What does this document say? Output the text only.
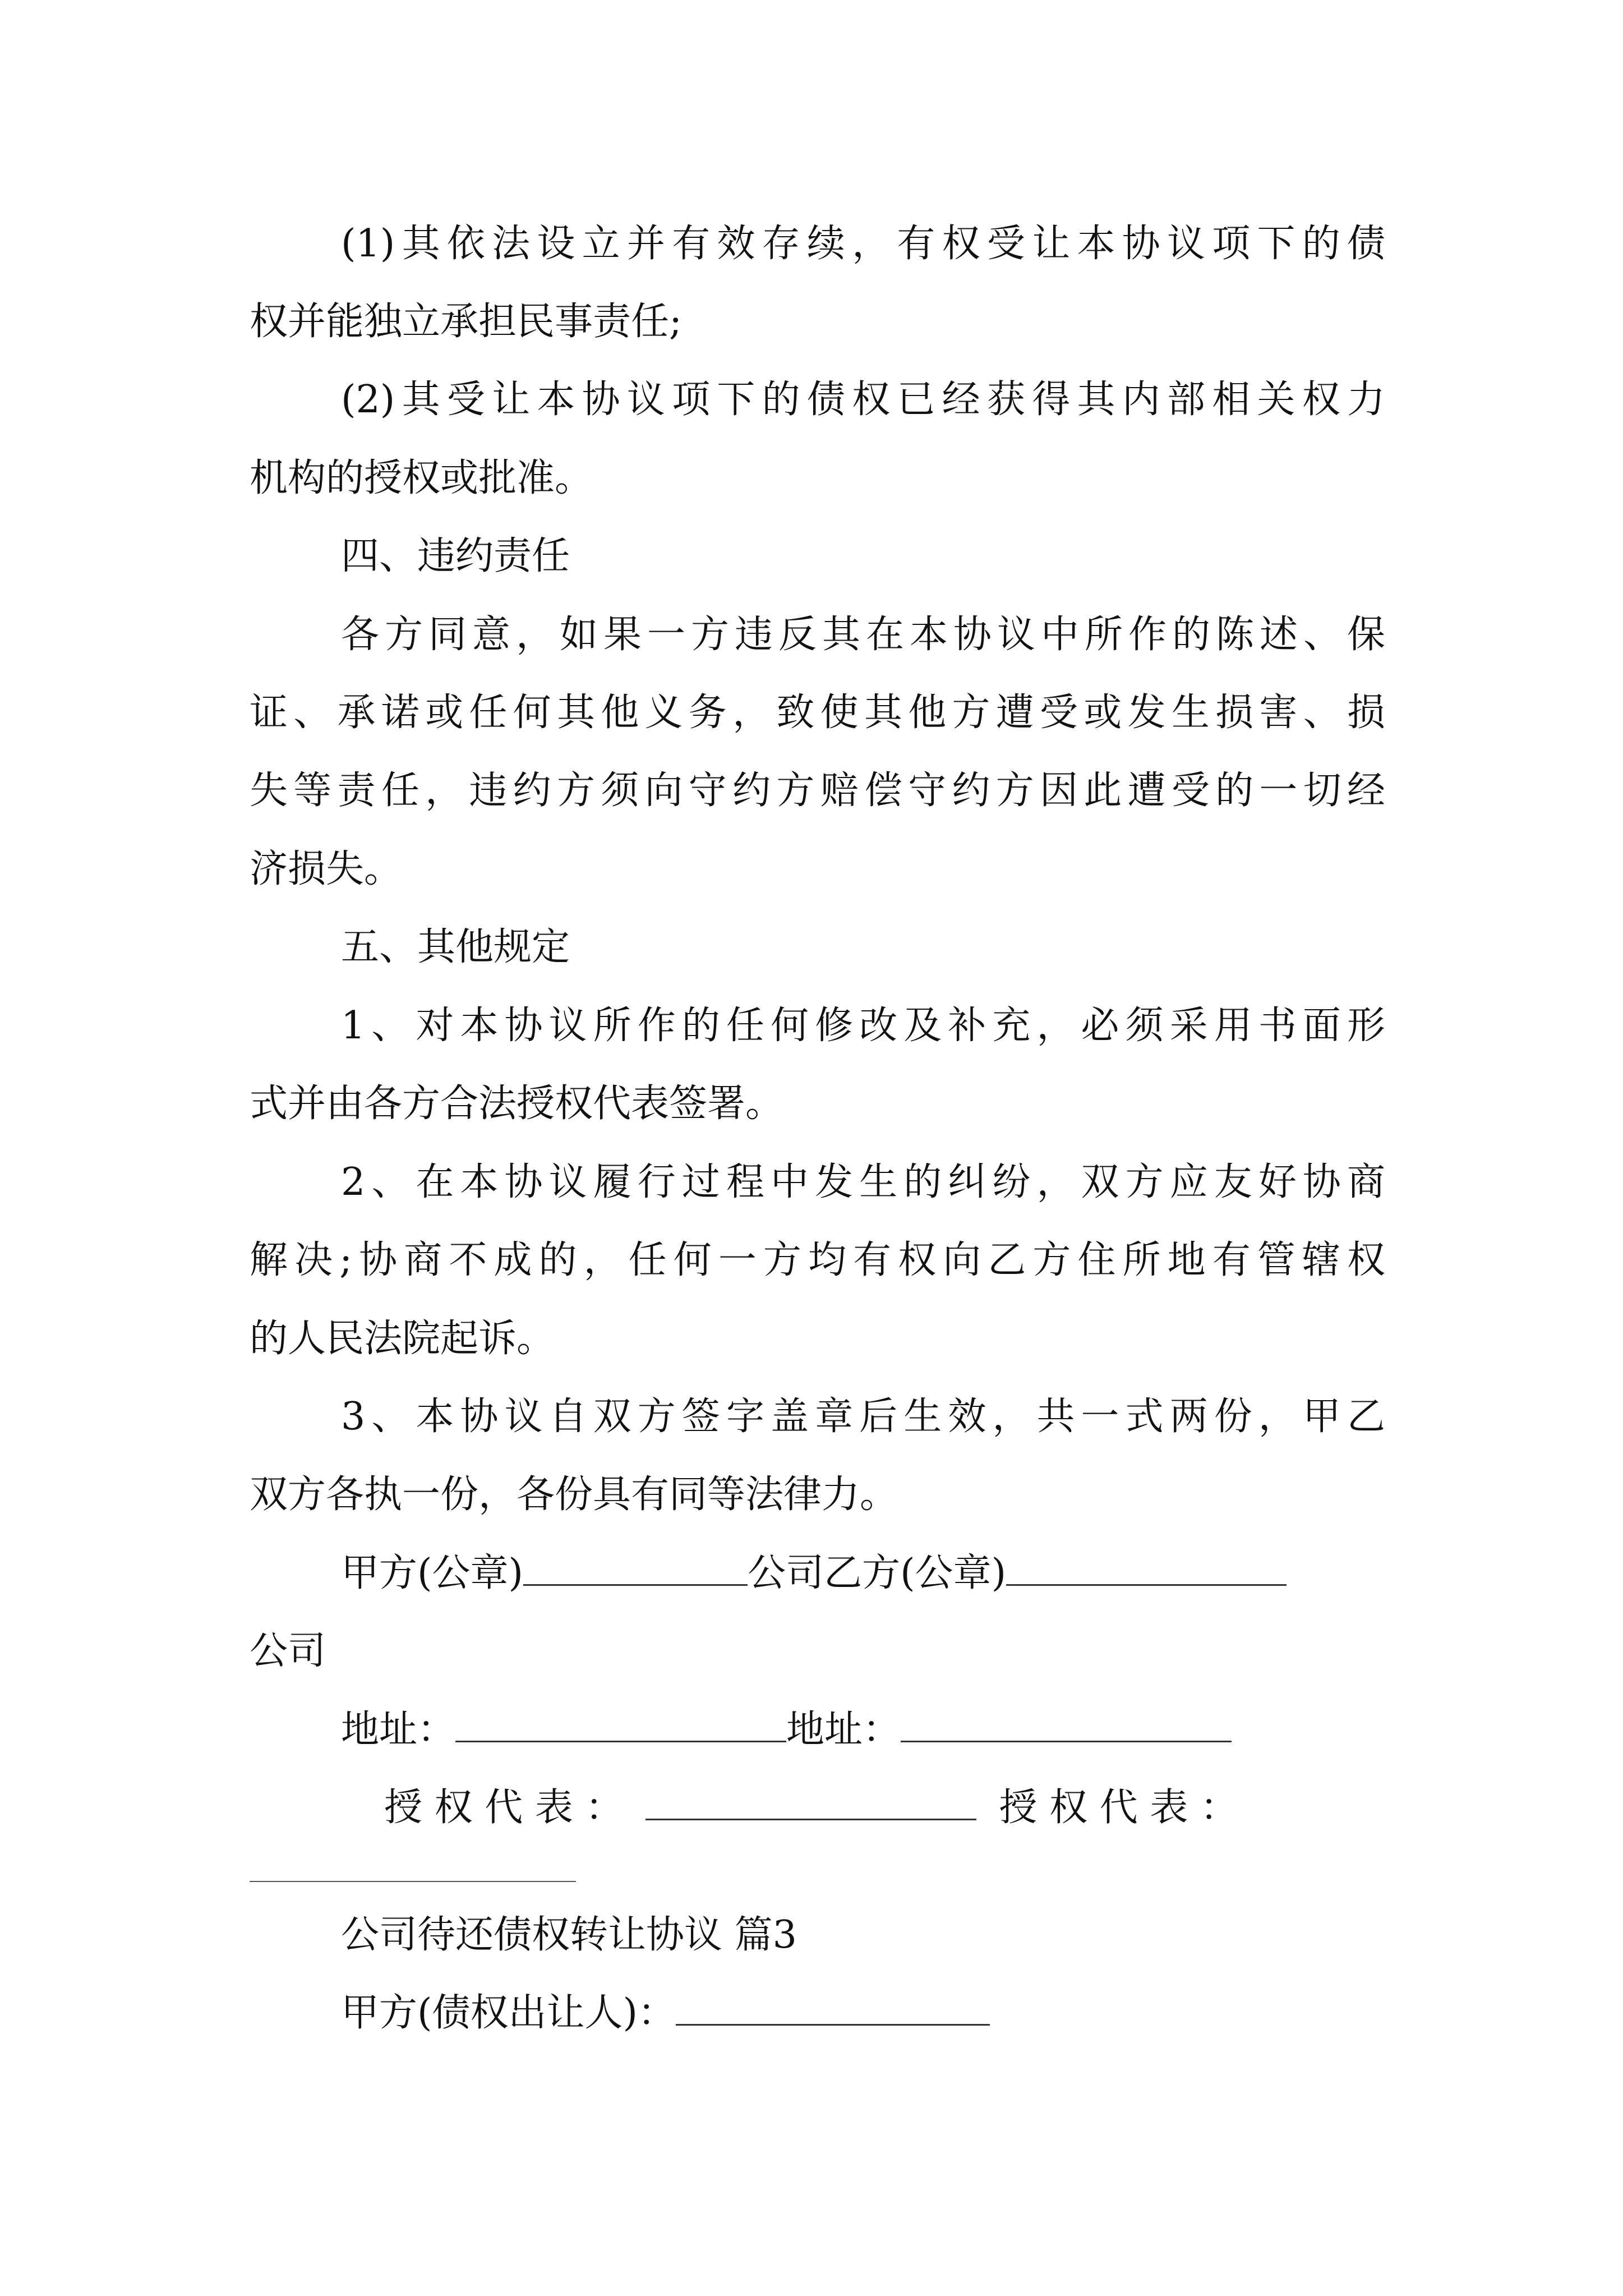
(1)其依法设立并有效存续，有权受让本协议项下的债
权并能独立承担民事责任;
(2)其受让本协议项下的债权已经获得其内部相关权力
机构的授权或批准。
四、违约责任
各方同意，如果一方违反其在本协议中所作的陈述、保
证、承诺或任何其他义务，致使其他方遭受或发生损害、损
失等责任，违约方须向守约方赔偿守约方因此遭受的一切经
济损失。
五、其他规定
1、对本协议所作的任何修改及补充，必须采用书面形
式并由各方合法授权代表签署。
2、在本协议履行过程中发生的纠纷，双方应友好协商
解决;协商不成的，任何一方均有权向乙方住所地有管辖权
的人民法院起诉。
3、本协议自双方签字盖章后生效，共一式两份，甲乙
双方各执一份，各份具有同等法律力。
甲方(公章)	公司乙方(公章)
公司
地址：	地址：
授 权 代 表 ：	授 权 代 表 ：
公司待还债权转让协议 篇3
甲方(债权出让人)：
